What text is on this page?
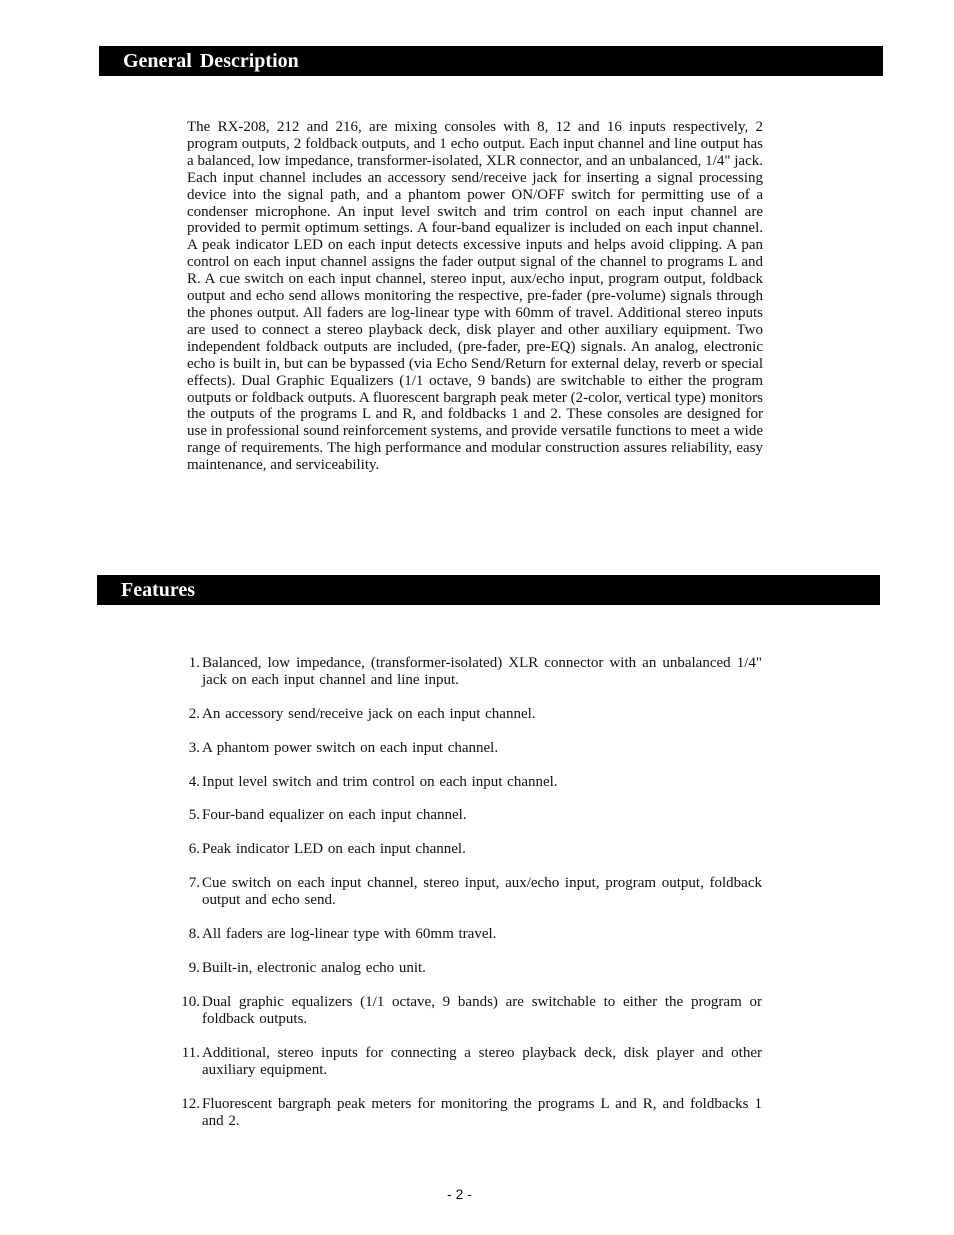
General Description

The RX-208, 212 and 216, are mixing consoles with 8, 12 and 16 inputs respectively, 2 program outputs, 2 foldback outputs, and 1 echo output. Each input channel and line output has a balanced, low impedance, transformer-isolated, XLR connector, and an unbalanced, 1/4" jack. Each input channel includes an accessory send/receive jack for inserting a signal processing device into the signal path, and a phantom power ON/OFF switch for permitting use of a condenser microphone. An input level switch and trim control on each input channel are provided to permit optimum settings. A four-band equalizer is included on each input channel. A peak indicator LED on each input detects excessive inputs and helps avoid clipping. A pan control on each input channel assigns the fader output signal of the channel to programs L and R. A cue switch on each input channel, stereo input, aux/echo input, program output, foldback output and echo send allows monitoring the respective, pre-fader (pre-volume) signals through the phones output. All faders are log-linear type with 60mm of travel. Additional stereo inputs are used to connect a stereo playback deck, disk player and other auxiliary equipment. Two independent foldback outputs are included, (pre-fader, pre-EQ) signals. An analog, electronic echo is built in, but can be bypassed (via Echo Send/Return for external delay, reverb or special effects). Dual Graphic Equalizers (1/1 octave, 9 bands) are switchable to either the program outputs or foldback outputs. A fluorescent bargraph peak meter (2-color, vertical type) monitors the outputs of the programs L and R, and foldbacks 1 and 2. These consoles are designed for use in professional sound reinforcement systems, and provide versatile functions to meet a wide range of requirements. The high performance and modular construction assures reliability, easy maintenance, and serviceability.

Features
1. Balanced, low impedance, (transformer-isolated) XLR connector with an unbalanced 1/4" jack on each input channel and line input.
2. An accessory send/receive jack on each input channel.
3. A phantom power switch on each input channel.
4. Input level switch and trim control on each input channel.
5. Four-band equalizer on each input channel.
6. Peak indicator LED on each input channel.
7. Cue switch on each input channel, stereo input, aux/echo input, program output, foldback output and echo send.
8. All faders are log-linear type with 60mm travel.
9. Built-in, electronic analog echo unit.
10. Dual graphic equalizers (1/1 octave, 9 bands) are switchable to either the program or foldback outputs.
11. Additional, stereo inputs for connecting a stereo playback deck, disk player and other auxiliary equipment.
12. Fluorescent bargraph peak meters for monitoring the programs L and R, and foldbacks 1 and 2.
- 2 -
